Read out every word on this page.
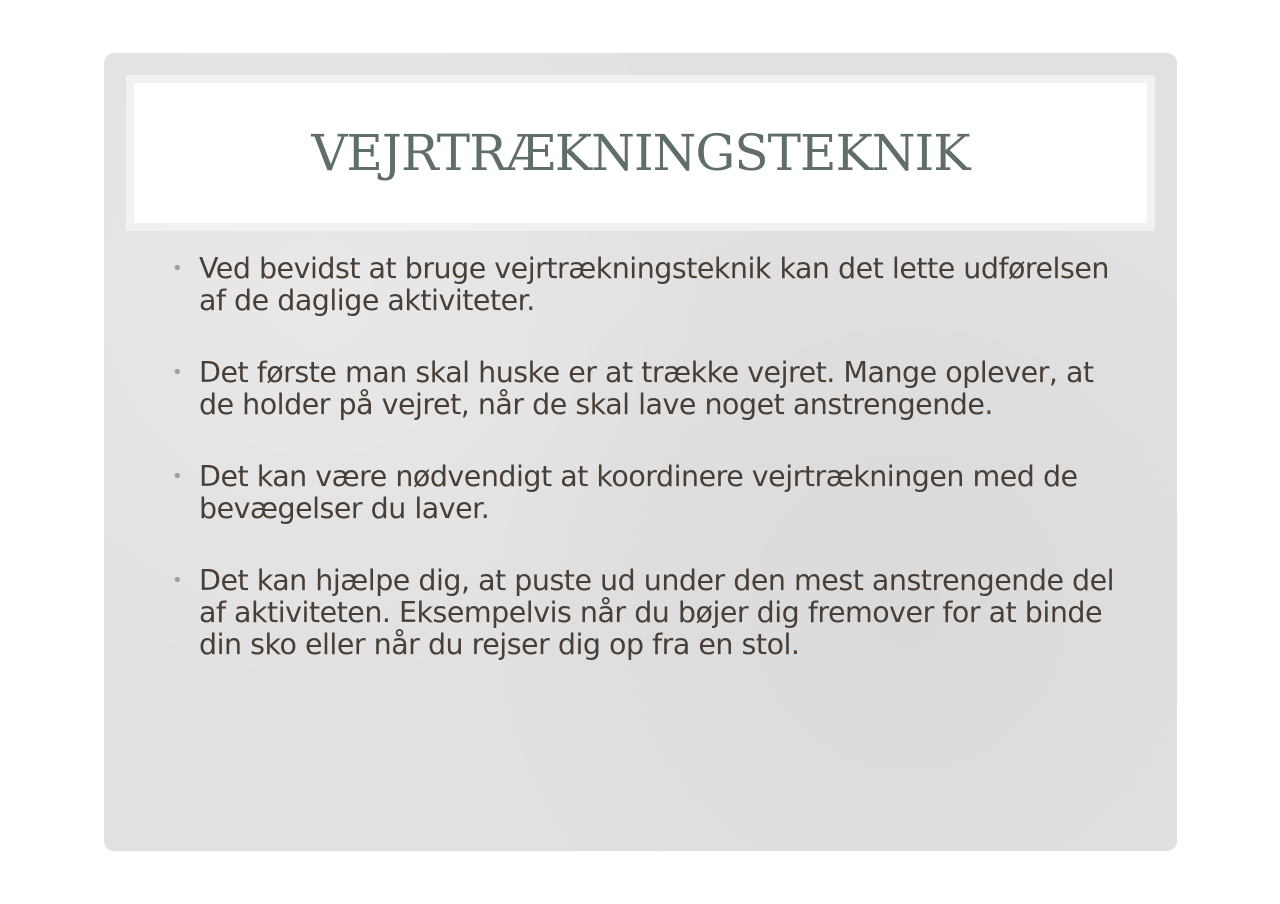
VEJRTRÆKNINGSTEKNIK
• Ved bevidst at bruge vejrtrækningsteknik kan det lette udførelsen af de daglige aktiviteter.
• Det første man skal huske er at trække vejret. Mange oplever, at de holder på vejret, når de skal lave noget anstrengende.
• Det kan være nødvendigt at koordinere vejrtrækningen med de bevægelser du laver.
• Det kan hjælpe dig, at puste ud under den mest anstrengende del af aktiviteten. Eksempelvis når du bøjer dig fremover for at binde din sko eller når du rejser dig op fra en stol.
